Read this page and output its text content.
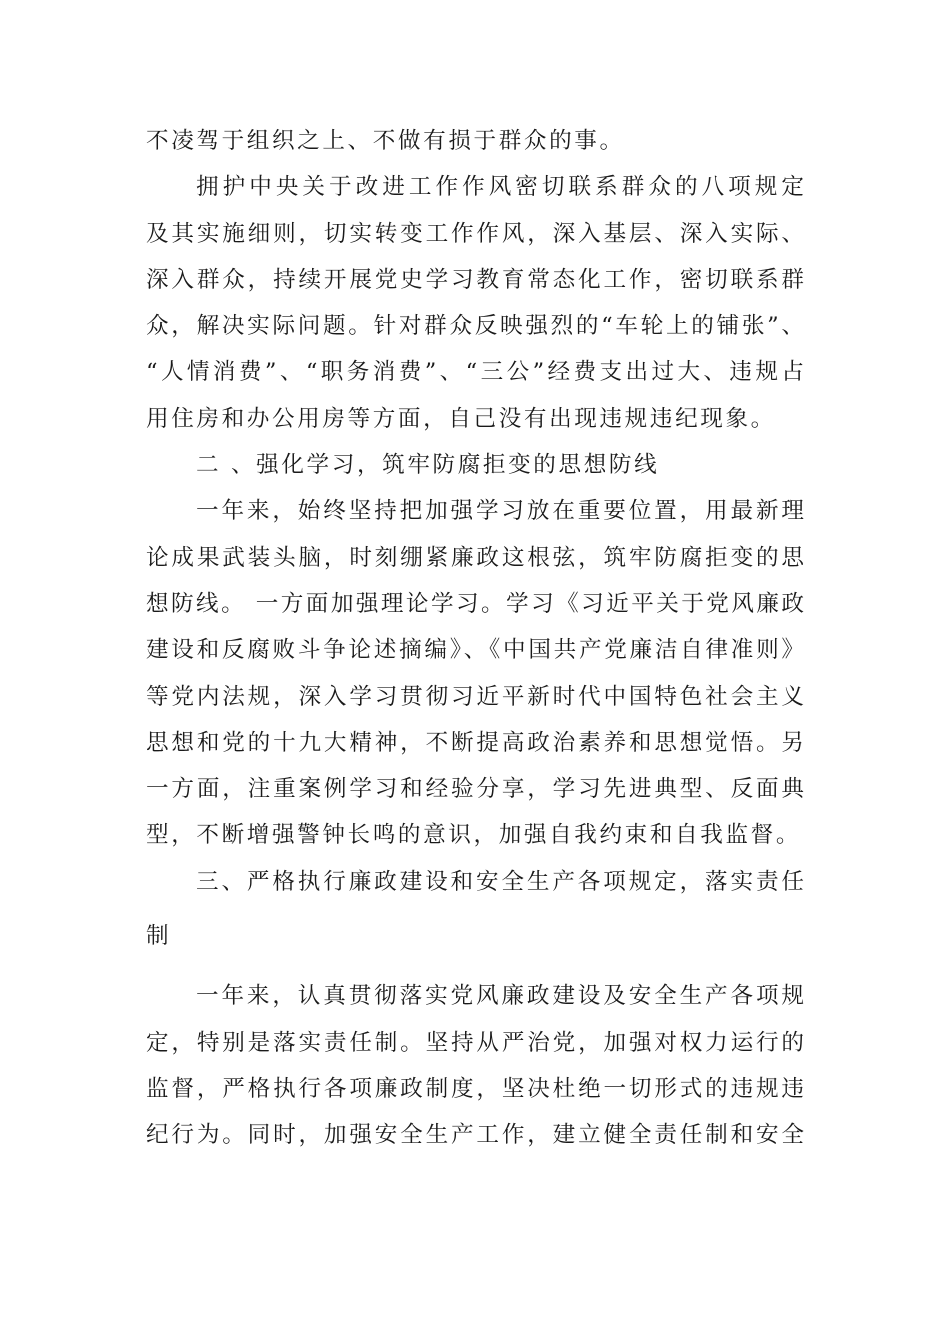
不凌驾于组织之上、不做有损于群众的事。
拥护中央关于改进工作作风密切联系群众的八项规定
及其实施细则，切实转变工作作风，深入基层、深入实际、
深入群众，持续开展党史学习教育常态化工作，密切联系群
众，解决实际问题。针对群众反映强烈的“车轮上的铺张”、
“人情消费”、“职务消费”、“三公”经费支出过大、违规占
用住房和办公用房等方面，自己没有出现违规违纪现象。
二 、强化学习，筑牢防腐拒变的思想防线
一年来，始终坚持把加强学习放在重要位置，用最新理
论成果武装头脑，时刻绷紧廉政这根弦，筑牢防腐拒变的思
想防线。 一方面加强理论学习。学习《习近平关于党风廉政
建设和反腐败斗争论述摘编》、《中国共产党廉洁自律准则》
等党内法规，深入学习贯彻习近平新时代中国特色社会主义
思想和党的十九大精神，不断提高政治素养和思想觉悟。另
一方面，注重案例学习和经验分享，学习先进典型、反面典
型，不断增强警钟长鸣的意识，加强自我约束和自我监督。
三、严格执行廉政建设和安全生产各项规定，落实责任
制
一年来，认真贯彻落实党风廉政建设及安全生产各项规
定，特别是落实责任制。坚持从严治党，加强对权力运行的
监督，严格执行各项廉政制度，坚决杜绝一切形式的违规违
纪行为。同时，加强安全生产工作，建立健全责任制和安全
